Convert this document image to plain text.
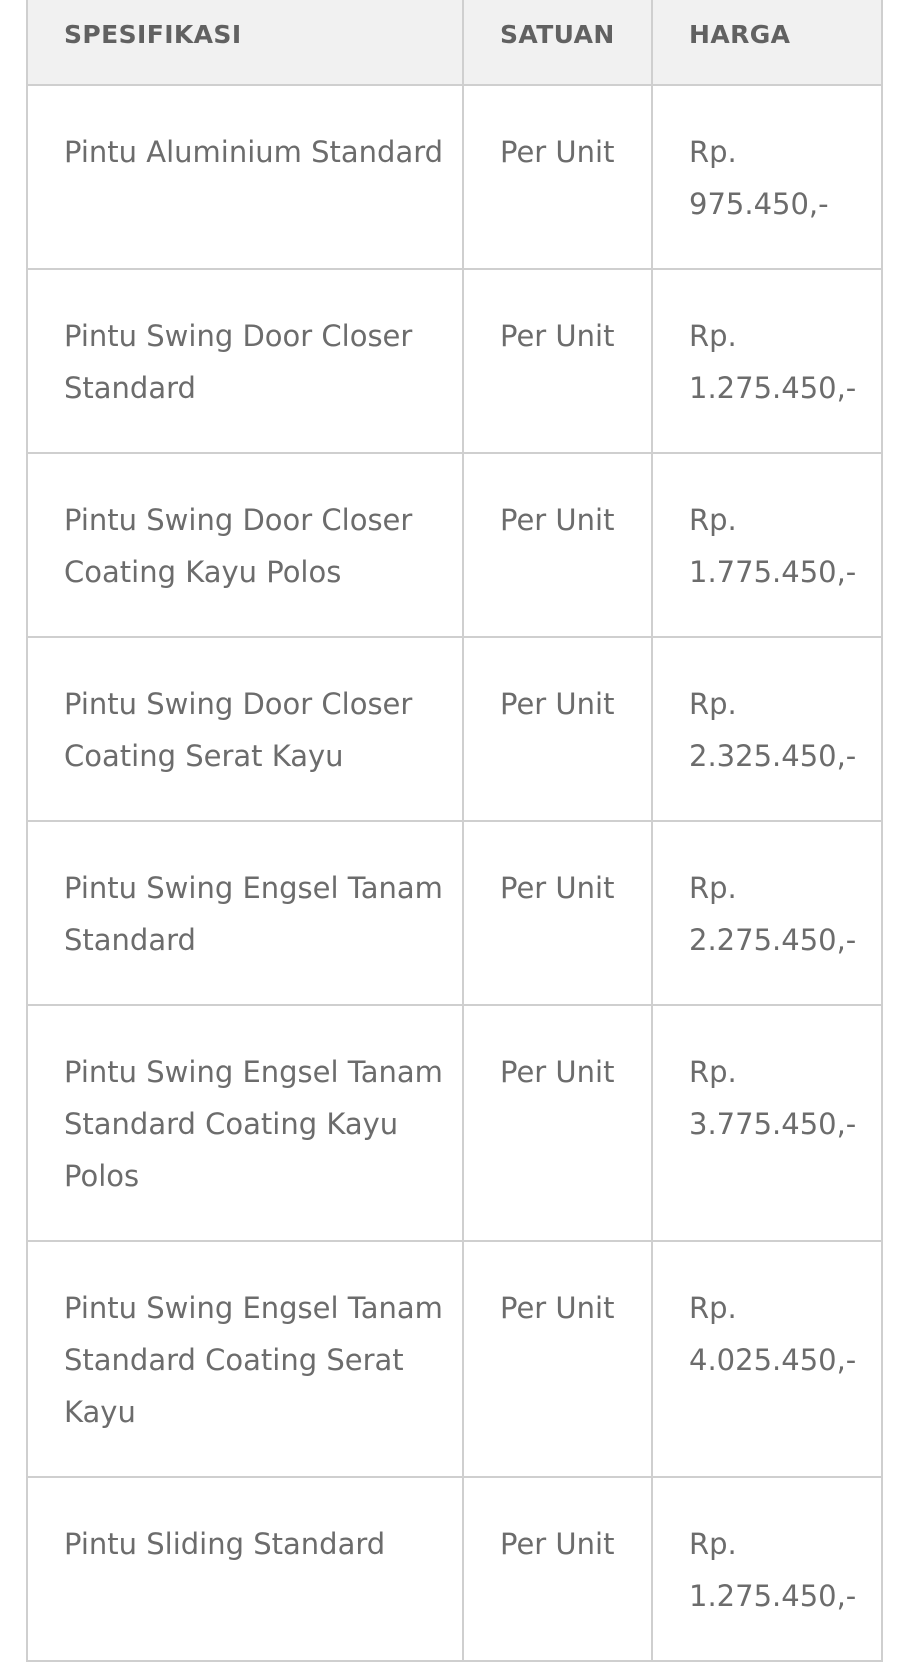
SPESIFIKASI	SATUAN	HARGA

Pintu Aluminium Standard	Per Unit	Rp. 975.450,-

Pintu Swing Door Closer Standard	Per Unit	Rp. 1.275.450,-

Pintu Swing Door Closer Coating Kayu Polos	Per Unit	Rp. 1.775.450,-

Pintu Swing Door Closer Coating Serat Kayu	Per Unit	Rp. 2.325.450,-

Pintu Swing Engsel Tanam Standard	Per Unit	Rp. 2.275.450,-

Pintu Swing Engsel Tanam Standard Coating Kayu Polos	Per Unit	Rp. 3.775.450,-

Pintu Swing Engsel Tanam Standard Coating Serat Kayu	Per Unit	Rp. 4.025.450,-

Pintu Sliding Standard	Per Unit	Rp. 1.275.450,-
